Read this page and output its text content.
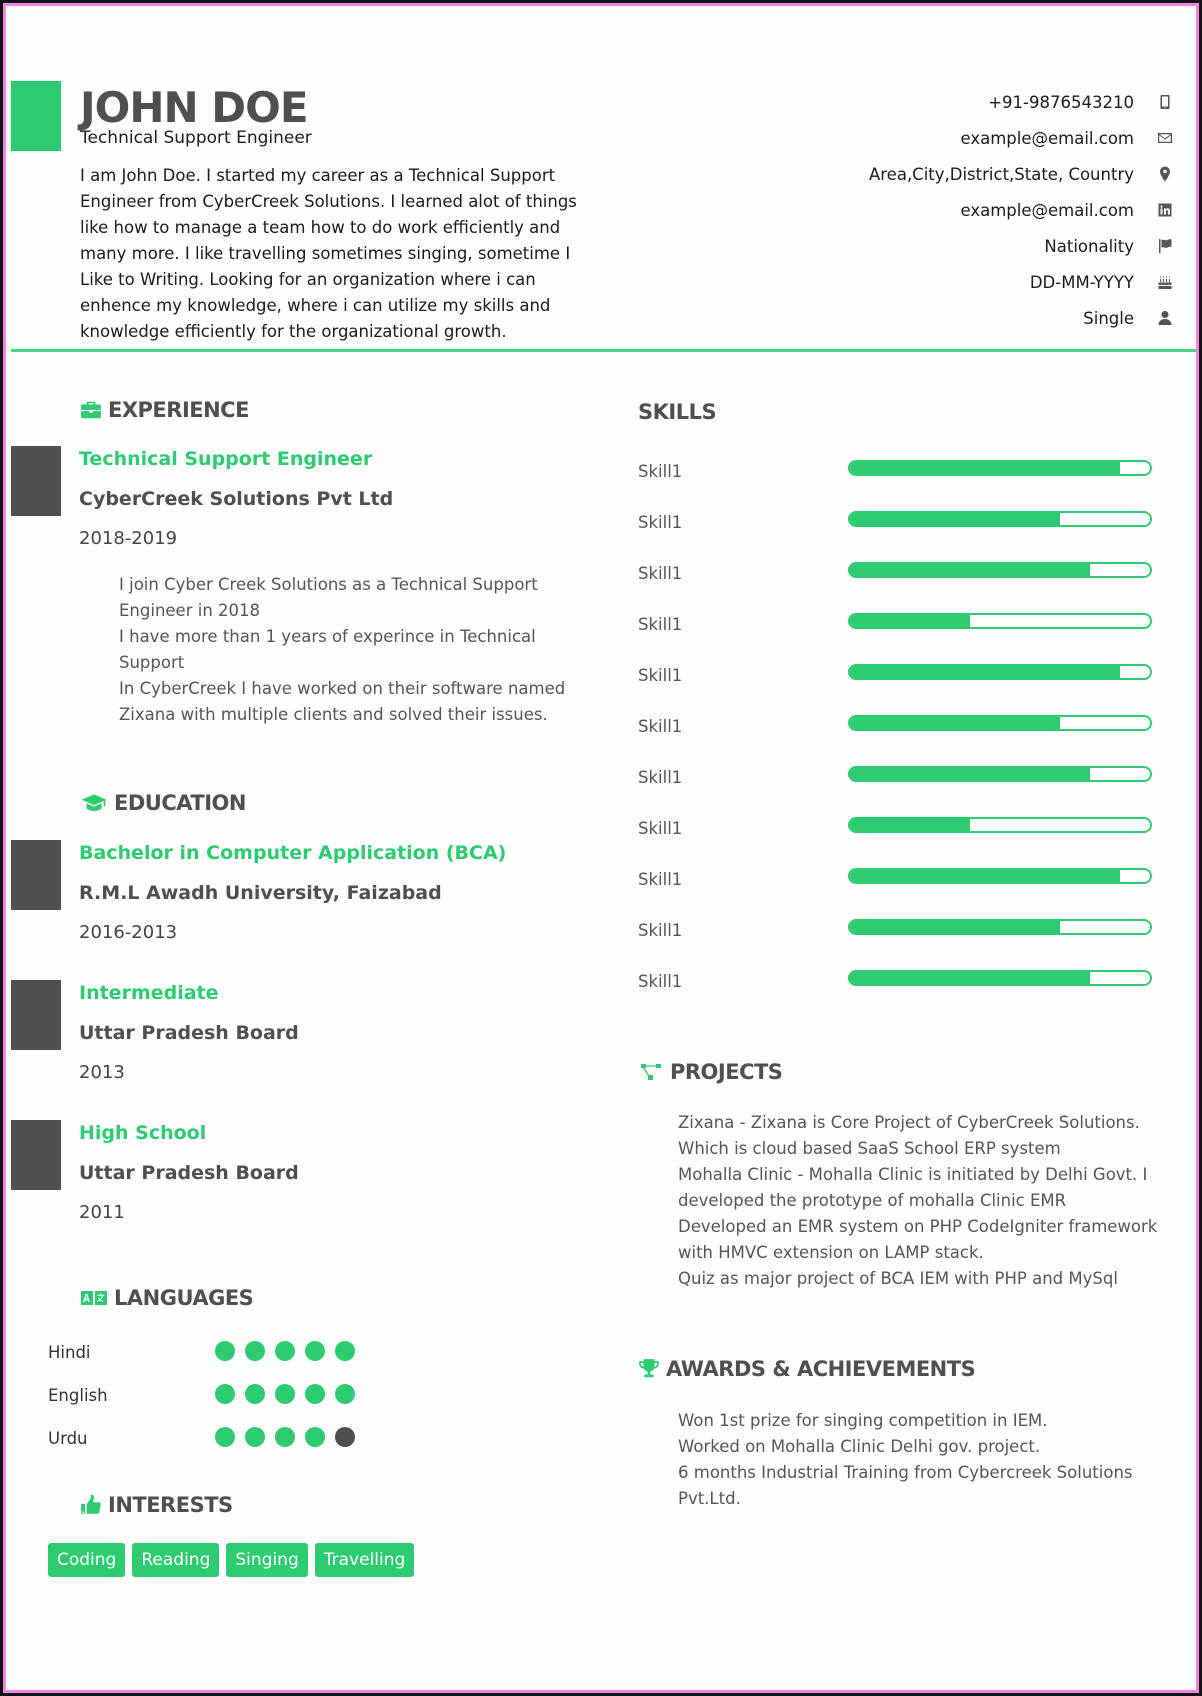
JOHN DOE
Technical Support Engineer
I am John Doe. I started my career as a Technical Support Engineer from CyberCreek Solutions. I learned alot of things like how to manage a team how to do work efficiently and many more. I like travelling sometimes singing, sometime I Like to Writing. Looking for an organization where i can enhence my knowledge, where i can utilize my skills and knowledge efficiently for the organizational growth.
+91-9876543210
example@email.com
Area,City,District,State, Country
example@email.com
Nationality
DD-MM-YYYY
Single
EXPERIENCE
Technical Support Engineer
CyberCreek Solutions Pvt Ltd
2018-2019
I join Cyber Creek Solutions as a Technical Support Engineer in 2018
I have more than 1 years of experince in Technical Support
In CyberCreek I have worked on their software named Zixana with multiple clients and solved their issues.
EDUCATION
Bachelor in Computer Application (BCA)
R.M.L Awadh University, Faizabad
2016-2013
Intermediate
Uttar Pradesh Board
2013
High School
Uttar Pradesh Board
2011
LANGUAGES
Hindi
English
Urdu
INTERESTS
Coding	Reading	Singing	Travelling
SKILLS
Skill1
Skill1
Skill1
Skill1
Skill1
Skill1
Skill1
Skill1
Skill1
Skill1
Skill1
PROJECTS
Zixana - Zixana is Core Project of CyberCreek Solutions. Which is cloud based SaaS School ERP system
Mohalla Clinic - Mohalla Clinic is initiated by Delhi Govt. I developed the prototype of mohalla Clinic EMR
Developed an EMR system on PHP CodeIgniter framework with HMVC extension on LAMP stack.
Quiz as major project of BCA IEM with PHP and MySql
AWARDS & ACHIEVEMENTS
Won 1st prize for singing competition in IEM.
Worked on Mohalla Clinic Delhi gov. project.
6 months Industrial Training from Cybercreek Solutions Pvt.Ltd.
